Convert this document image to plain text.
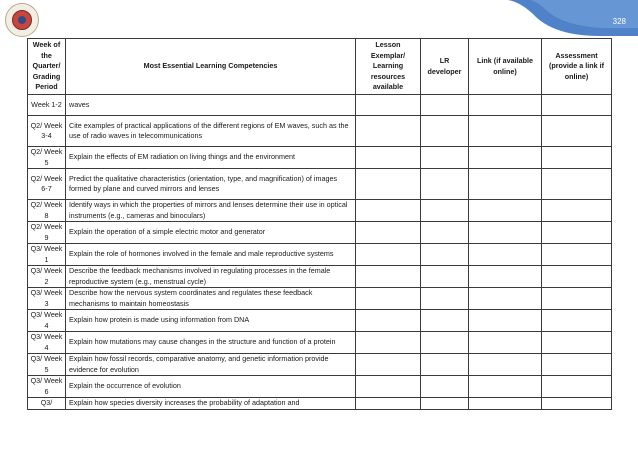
328
Week of the Quarter/ Grading Period	Most Essential Learning Competencies	Lesson Exemplar/ Learning resources available	LR developer	Link (if available online)	Assessment (provide a link if online)
Week 1-2	waves				
Q2/ Week 3-4	Cite examples of practical applications of the different regions of EM waves, such as the use of radio waves in telecommunications				
Q2/ Week 5	Explain the effects of EM radiation on living things and the environment				
Q2/ Week 6-7	Predict the qualitative characteristics (orientation, type, and magnification) of images formed by plane and curved mirrors and lenses				
Q2/ Week 8	Identify ways in which the properties of mirrors and lenses determine their use in optical instruments (e.g., cameras and binoculars)				
Q2/ Week 9	Explain the operation of a simple electric motor and generator				
Q3/ Week 1	Explain the role of hormones involved in the female and male reproductive systems				
Q3/ Week 2	Describe the feedback mechanisms involved in regulating processes in the female reproductive system (e.g., menstrual cycle)				
Q3/ Week 3	Describe how the nervous system coordinates and regulates these feedback mechanisms to maintain homeostasis				
Q3/ Week 4	Explain how protein is made using information from DNA				
Q3/ Week 4	Explain how mutations may cause changes in the structure and function of a protein				
Q3/ Week 5	Explain how fossil records, comparative anatomy, and genetic information provide evidence for evolution				
Q3/ Week 6	Explain the occurrence of evolution				
Q3/	Explain how species diversity increases the probability of adaptation and				
